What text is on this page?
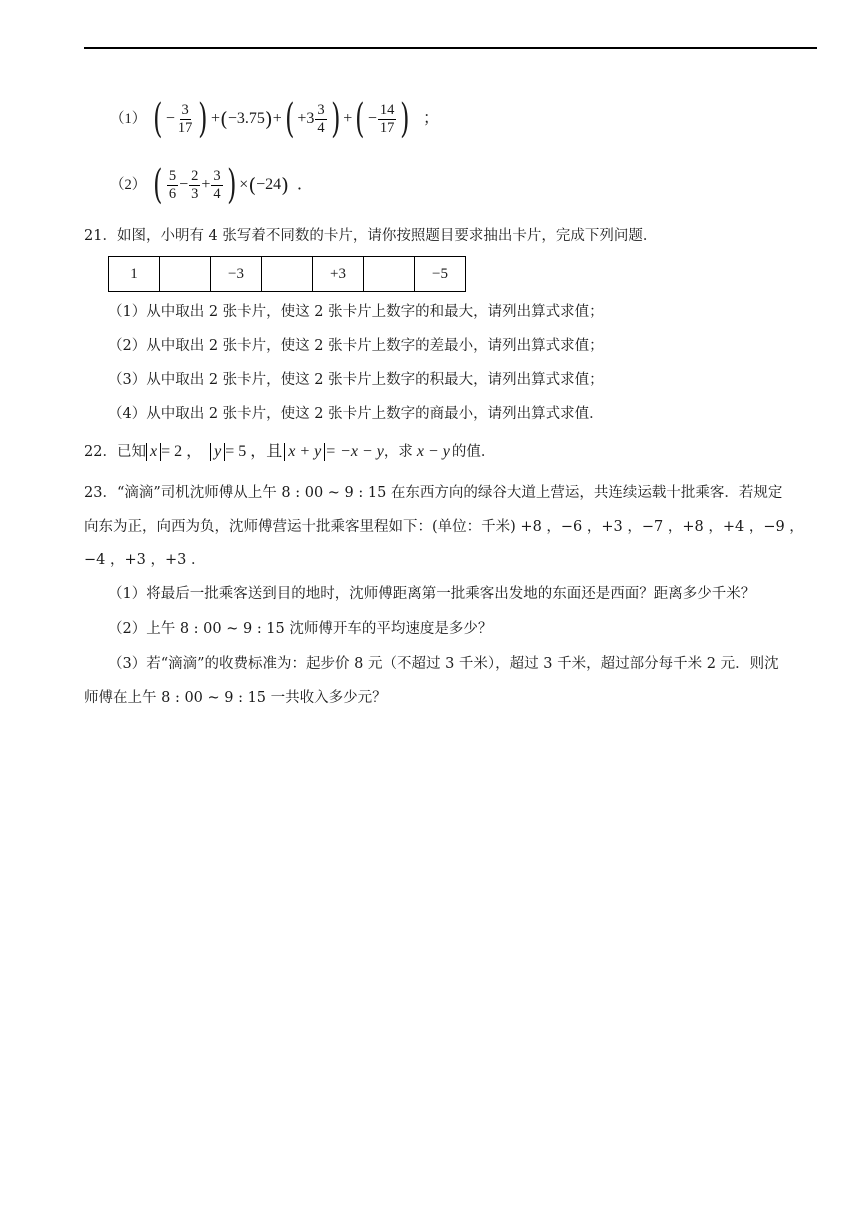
（1） ( − $\frac{3}{17}$ ) + ( −3.75 ) + ( $+3 \frac{3}{4}$ ) + ( − $\frac{14}{17}$ ) ；
（2） ( $\frac{5}{6} - \frac{2}{3} + \frac{3}{4}$ ) × ( −24 ) ．
21．如图，小明有 4 张写着不同数的卡片，请你按照题目要求抽出卡片，完成下列问题．
1		−3		+3		−5
（1）从中取出 2 张卡片，使这 2 张卡片上数字的和最大，请列出算式求值；
（2）从中取出 2 张卡片，使这 2 张卡片上数字的差最小，请列出算式求值；
（3）从中取出 2 张卡片，使这 2 张卡片上数字的积最大，请列出算式求值；
（4）从中取出 2 张卡片，使这 2 张卡片上数字的商最小，请列出算式求值．
22．已知 x = 2 ， y = 5 ，且 x + y = −x − y ，求 x − y 的值．
23．“滴滴”司机沈师傅从上午 8 : 00 ~ 9 : 15 在东西方向的绿谷大道上营运，共连续运载十批乘客．若规定
向东为正，向西为负，沈师傅营运十批乘客里程如下：(单位：千米) +8 ，−6 ，+3 ，−7 ，+8 ，+4 ，−9 ，
−4 ，+3 ，+3 ．
（1）将最后一批乘客送到目的地时，沈师傅距离第一批乘客出发地的东面还是西面？距离多少千米？
（2）上午 8 : 00 ~ 9 : 15 沈师傅开车的平均速度是多少？
（3）若“滴滴”的收费标准为：起步价 8 元（不超过 3 千米），超过 3 千米，超过部分每千米 2 元．则沈
师傅在上午 8 : 00 ~ 9 : 15 一共收入多少元？
